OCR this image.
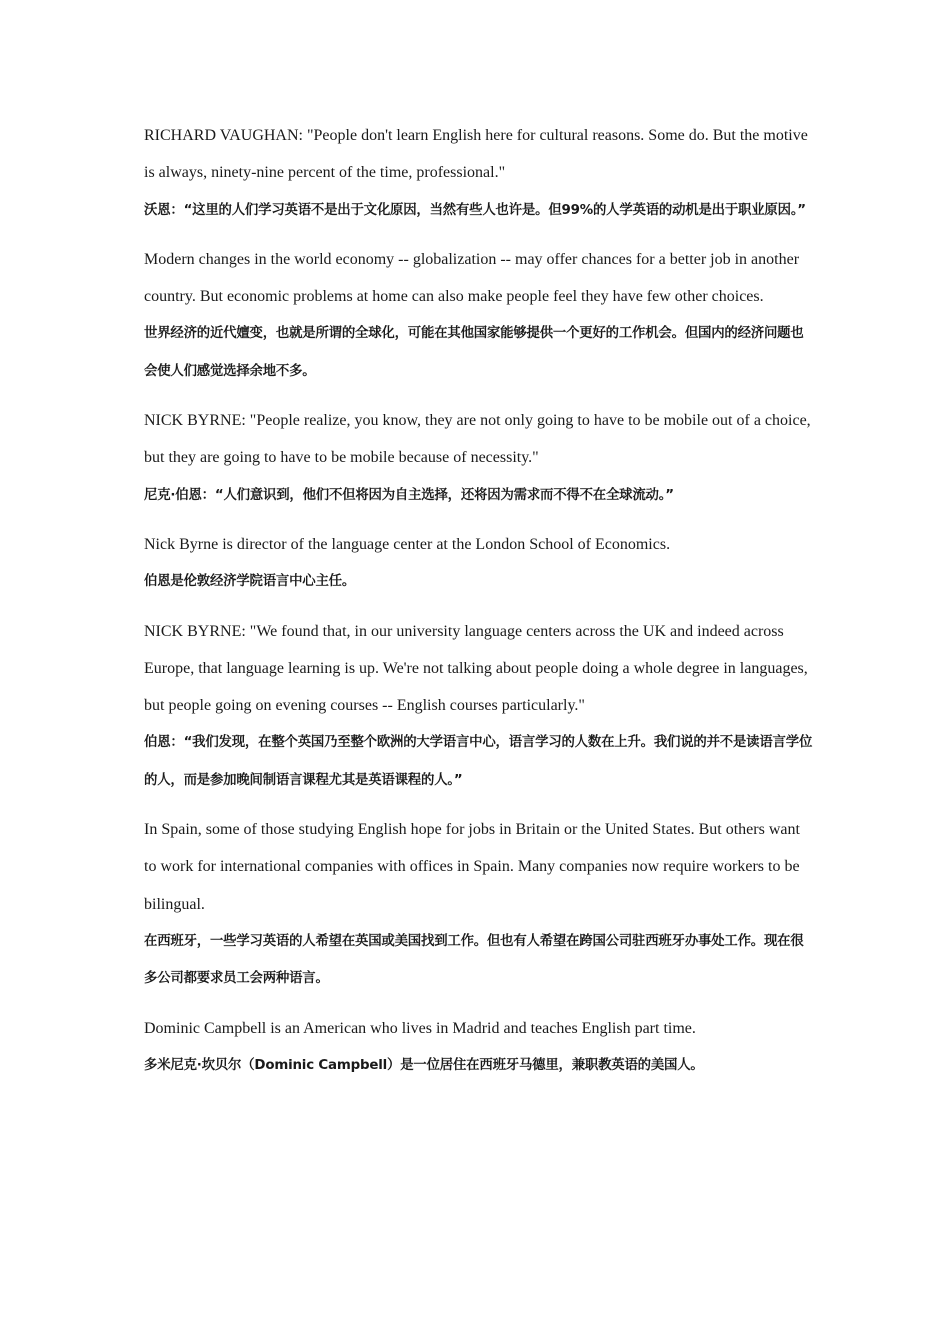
RICHARD VAUGHAN: "People don't learn English here for cultural reasons. Some do. But the motive is always, ninety-nine percent of the time, professional."

沃恩：“这里的人们学习英语不是出于文化原因，当然有些人也许是。但99%的人学英语的动机是出于职业原因。”

Modern changes in the world economy -- globalization -- may offer chances for a better job in another country. But economic problems at home can also make people feel they have few other choices.

世界经济的近代嬗变，也就是所谓的全球化，可能在其他国家能够提供一个更好的工作机会。但国内的经济问题也会使人们感觉选择余地不多。

NICK BYRNE: "People realize, you know, they are not only going to have to be mobile out of a choice, but they are going to have to be mobile because of necessity."

尼克·伯恩：“人们意识到，他们不但将因为自主选择，还将因为需求而不得不在全球流动。”

Nick Byrne is director of the language center at the London School of Economics.

伯恩是伦敦经济学院语言中心主任。

NICK BYRNE: "We found that, in our university language centers across the UK and indeed across Europe, that language learning is up. We're not talking about people doing a whole degree in languages, but people going on evening courses -- English courses particularly."

伯恩：“我们发现，在整个英国乃至整个欧洲的大学语言中心，语言学习的人数在上升。我们说的并不是读语言学位的人，而是参加晚间制语言课程尤其是英语课程的人。”

In Spain, some of those studying English hope for jobs in Britain or the United States. But others want to work for international companies with offices in Spain. Many companies now require workers to be bilingual.

在西班牙，一些学习英语的人希望在英国或美国找到工作。但也有人希望在跨国公司驻西班牙办事处工作。现在很多公司都要求员工会两种语言。

Dominic Campbell is an American who lives in Madrid and teaches English part time.

多米尼克·坎贝尔（Dominic Campbell）是一位居住在西班牙马德里，兼职教英语的美国人。
